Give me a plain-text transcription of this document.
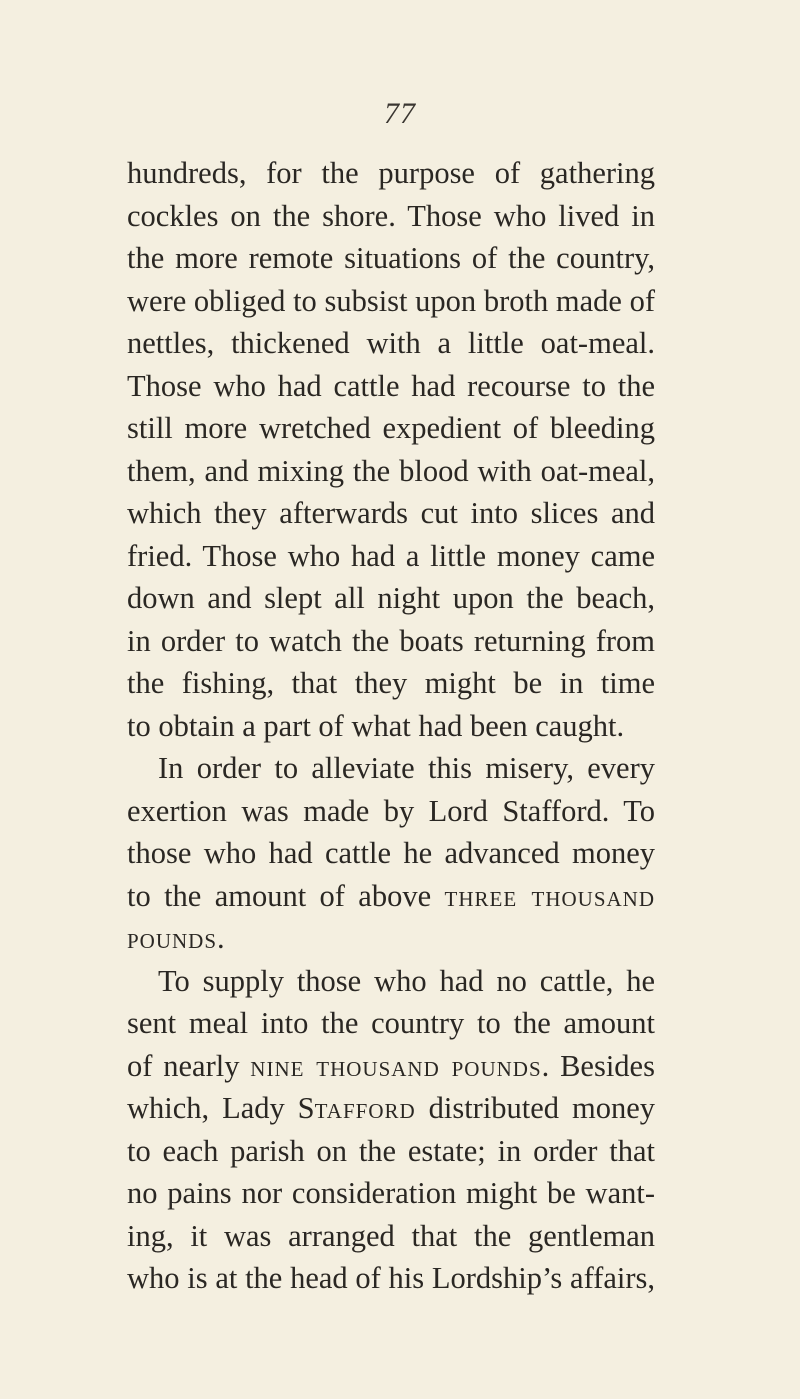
77
hundreds, for the purpose of gathering
cockles on the shore. Those who lived in
the more remote situations of the country,
were obliged to subsist upon broth made of
nettles, thickened with a little oat-meal.
Those who had cattle had recourse to the
still more wretched expedient of bleeding
them, and mixing the blood with oat-meal,
which they afterwards cut into slices and
fried. Those who had a little money came
down and slept all night upon the beach,
in order to watch the boats returning from
the fishing, that they might be in time
to obtain a part of what had been caught.
In order to alleviate this misery, every
exertion was made by Lord Stafford. To
those who had cattle he advanced money
to the amount of above three thousand
pounds.
To supply those who had no cattle, he
sent meal into the country to the amount
of nearly nine thousand pounds. Besides
which, Lady Stafford distributed money
to each parish on the estate; in order that
no pains nor consideration might be want-
ing, it was arranged that the gentleman
who is at the head of his Lordship’s affairs,
